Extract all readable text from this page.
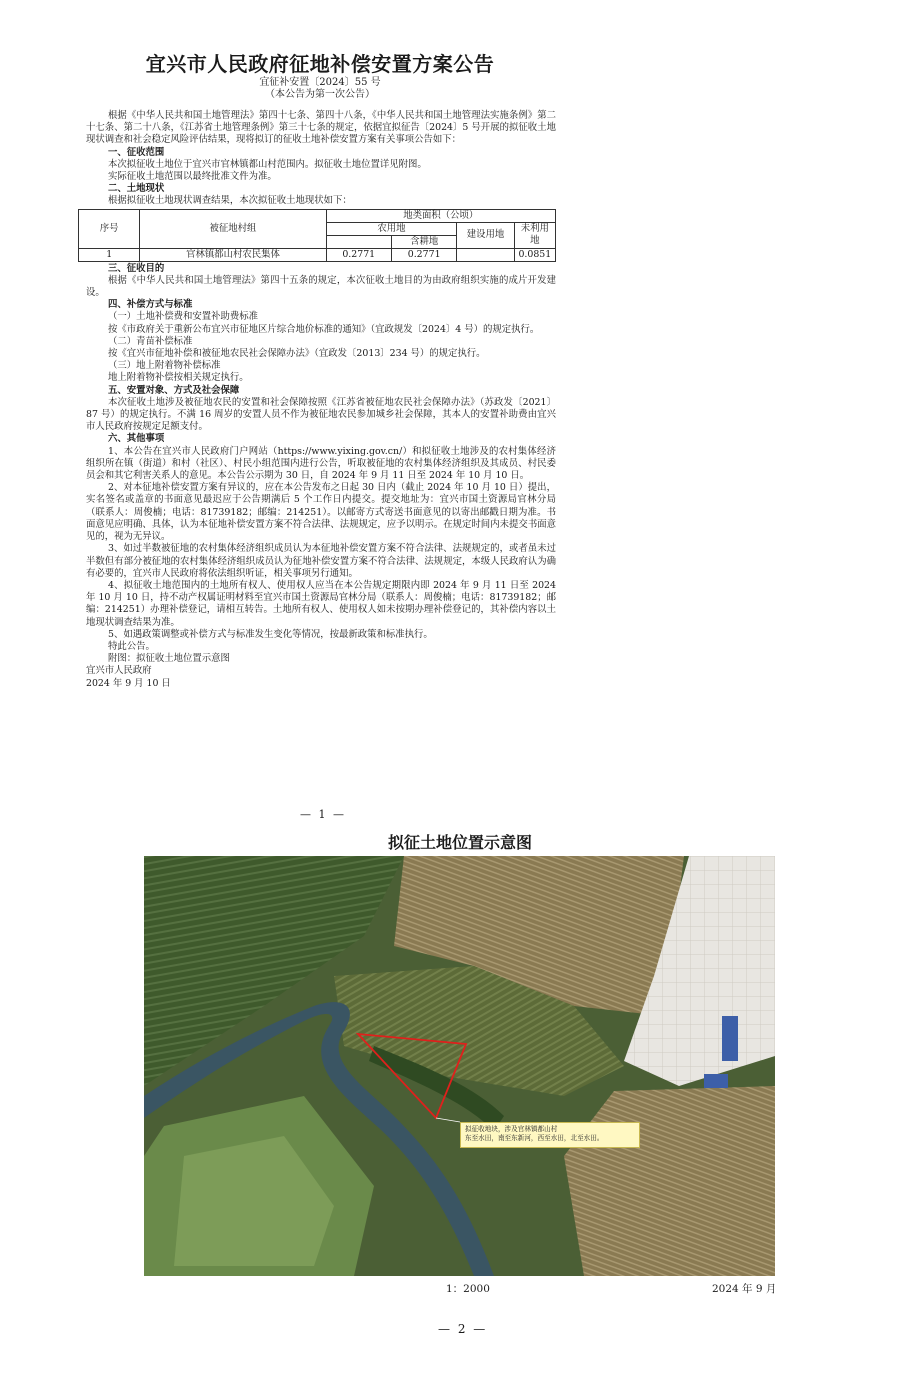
宜兴市人民政府征地补偿安置方案公告
宜征补安置〔2024〕55 号
（本公告为第一次公告）

根据《中华人民共和国土地管理法》第四十七条、第四十八条，《中华人民共和国土地管理法实施条例》第二十七条、第二十八条，《江苏省土地管理条例》第三十七条的规定，依据宜拟征告〔2024〕5 号开展的拟征收土地现状调查和社会稳定风险评估结果，现将拟订的征收土地补偿安置方案有关事项公告如下：

一、征收范围

本次拟征收土地位于宜兴市官林镇都山村范围内。拟征收土地位置详见附图。

实际征收土地范围以最终批准文件为准。

二、土地现状

根据拟征收土地现状调查结果，本次拟征收土地现状如下：

序号	被征地村组	地类面积（公顷）			
		农用地		建设用地	未利用地
			含耕地		
1	官林镇都山村农民集体	0.2771	0.2771		0.0851

三、征收目的

根据《中华人民共和国土地管理法》第四十五条的规定，本次征收土地目的为由政府组织实施的成片开发建设。

四、补偿方式与标准

（一）土地补偿费和安置补助费标准

按《市政府关于重新公布宜兴市征地区片综合地价标准的通知》（宜政规发〔2024〕4 号）的规定执行。

（二）青苗补偿标准

按《宜兴市征地补偿和被征地农民社会保障办法》（宜政发〔2013〕234 号）的规定执行。

（三）地上附着物补偿标准

地上附着物补偿按相关规定执行。

五、安置对象、方式及社会保障

本次征收土地涉及被征地农民的安置和社会保障按照《江苏省被征地农民社会保障办法》（苏政发〔2021〕87 号）的规定执行。不满 16 周岁的安置人员不作为被征地农民参加城乡社会保障，其本人的安置补助费由宜兴市人民政府按规定足额支付。

六、其他事项

1、本公告在宜兴市人民政府门户网站（https://www.yixing.gov.cn/）和拟征收土地涉及的农村集体经济组织所在镇（街道）和村（社区）、村民小组范围内进行公告，听取被征地的农村集体经济组织及其成员、村民委员会和其它利害关系人的意见。本公告公示期为 30 日，自 2024 年 9 月 11 日至 2024 年 10 月 10 日。

2、对本征地补偿安置方案有异议的，应在本公告发布之日起 30 日内（截止 2024 年 10 月 10 日）提出，实名签名或盖章的书面意见最迟应于公告期满后 5 个工作日内提交。提交地址为：宜兴市国土资源局官林分局（联系人：周俊楠；电话：81739182；邮编：214251）。以邮寄方式寄送书面意见的以寄出邮戳日期为准。书面意见应明确、具体，认为本征地补偿安置方案不符合法律、法规规定，应予以明示。在规定时间内未提交书面意见的，视为无异议。

3、如过半数被征地的农村集体经济组织成员认为本征地补偿安置方案不符合法律、法规规定的，或者虽未过半数但有部分被征地的农村集体经济组织成员认为征地补偿安置方案不符合法律、法规规定，本级人民政府认为确有必要的，宜兴市人民政府将依法组织听证，相关事项另行通知。

4、拟征收土地范围内的土地所有权人、使用权人应当在本公告规定期限内即 2024 年 9 月 11 日至 2024 年 10 月 10 日，持不动产权属证明材料至宜兴市国土资源局官林分局（联系人：周俊楠；电话：81739182；邮编：214251）办理补偿登记，请相互转告。土地所有权人、使用权人如未按期办理补偿登记的，其补偿内容以土地现状调查结果为准。

5、如遇政策调整或补偿方式与标准发生变化等情况，按最新政策和标准执行。

特此公告。

附图：拟征收土地位置示意图

宜兴市人民政府

2024 年 9 月 10 日

— 1 —
拟征土地位置示意图
拟征收地块，涉及官林镇都山村
东至水田，南至东新河，西至水田，北至水田。
1：2000	2024 年 9 月
— 2 —
